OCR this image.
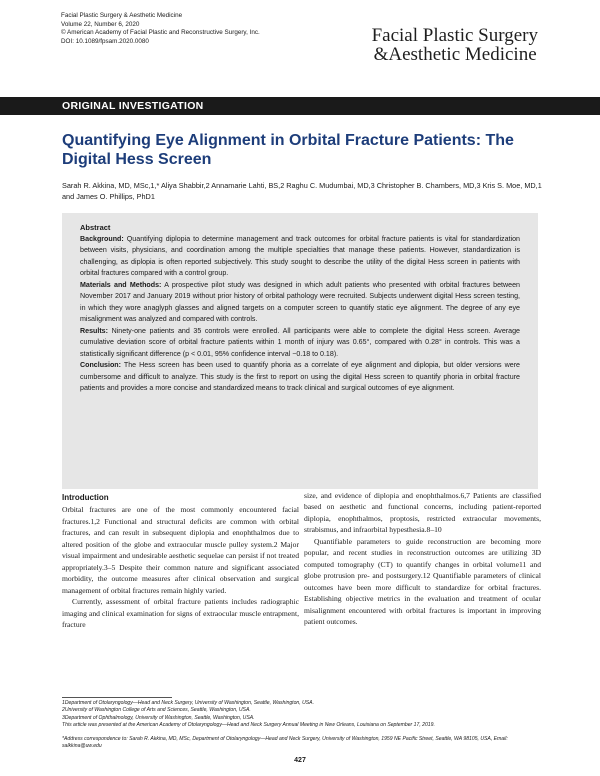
Facial Plastic Surgery & Aesthetic Medicine
Volume 22, Number 6, 2020
© American Academy of Facial Plastic and Reconstructive Surgery, Inc.
DOI: 10.1089/fpsam.2020.0080	Facial Plastic Surgery
&Aesthetic Medicine
ORIGINAL INVESTIGATION
Quantifying Eye Alignment in Orbital Fracture Patients: The Digital Hess Screen
Sarah R. Akkina, MD, MSc,1,* Aliya Shabbir,2 Annamarie Lahti, BS,2 Raghu C. Mudumbai, MD,3 Christopher B. Chambers, MD,3 Kris S. Moe, MD,1 and James O. Phillips, PhD1
Abstract

Background: Quantifying diplopia to determine management and track outcomes for orbital fracture patients is vital for standardization between visits, physicians, and coordination among the multiple specialties that manage these patients. However, standardization is challenging, as diplopia is often reported subjectively. This study sought to describe the utility of the digital Hess screen in patients with orbital fractures compared with a control group.

Materials and Methods: A prospective pilot study was designed in which adult patients who presented with orbital fractures between November 2017 and January 2019 without prior history of orbital pathology were recruited. Subjects underwent digital Hess screen testing, in which they wore anaglyph glasses and aligned targets on a computer screen to quantify static eye alignment. The degree of any eye misalignment was analyzed and compared with controls.

Results: Ninety-one patients and 35 controls were enrolled. All participants were able to complete the digital Hess screen. Average cumulative deviation score of orbital fracture patients within 1 month of injury was 0.65°, compared with 0.28° in controls. This was a statistically significant difference (p < 0.01, 95% confidence interval −0.18 to 0.18).

Conclusion: The Hess screen has been used to quantify phoria as a correlate of eye alignment and diplopia, but older versions were cumbersome and difficult to analyze. This study is the first to report on using the digital Hess screen to quantify phoria in orbital fracture patients and provides a more concise and standardized means to track clinical and surgical outcomes of eye alignment.

Introduction

Orbital fractures are one of the most commonly encountered facial fractures.1,2 Functional and structural deficits are common with orbital fractures, and can result in subsequent diplopia and enophthalmos due to altered position of the globe and extraocular muscle pulley system.2 Major visual impairment and undesirable aesthetic sequelae can persist if not treated appropriately.3–5 Despite their common nature and significant associated morbidity, the outcome measures after clinical observation and surgical management of orbital fractures remain highly varied.

Currently, assessment of orbital fracture patients includes radiographic imaging and clinical examination for signs of extraocular muscle entrapment, fracture

size, and evidence of diplopia and enophthalmos.6,7 Patients are classified based on aesthetic and functional concerns, including patient-reported diplopia, enophthalmos, proptosis, restricted extraocular movements, strabismus, and infraorbital hypesthesia.8–10

Quantifiable parameters to guide reconstruction are becoming more popular, and recent studies in reconstruction outcomes are utilizing 3D computed tomography (CT) to quantify changes in orbital volume11 and globe protrusion pre- and postsurgery.12 Quantifiable parameters of clinical outcomes have been more difficult to standardize for orbital fractures. Establishing objective metrics in the evaluation and treatment of ocular misalignment encountered with orbital fractures is important in improving patient outcomes.

1Department of Otolaryngology—Head and Neck Surgery, University of Washington, Seattle, Washington, USA.
2University of Washington College of Arts and Sciences, Seattle, Washington, USA.
3Department of Ophthalmology, University of Washington, Seattle, Washington, USA.
This article was presented at the American Academy of Otolaryngology—Head and Neck Surgery Annual Meeting in New Orleans, Louisiana on September 17, 2019.
*Address correspondence to: Sarah R. Akkina, MD, MSc, Department of Otolaryngology—Head and Neck Surgery, University of Washington, 1959 NE Pacific Street, Seattle, WA 98105, USA, Email: salkkina@uw.edu
427
